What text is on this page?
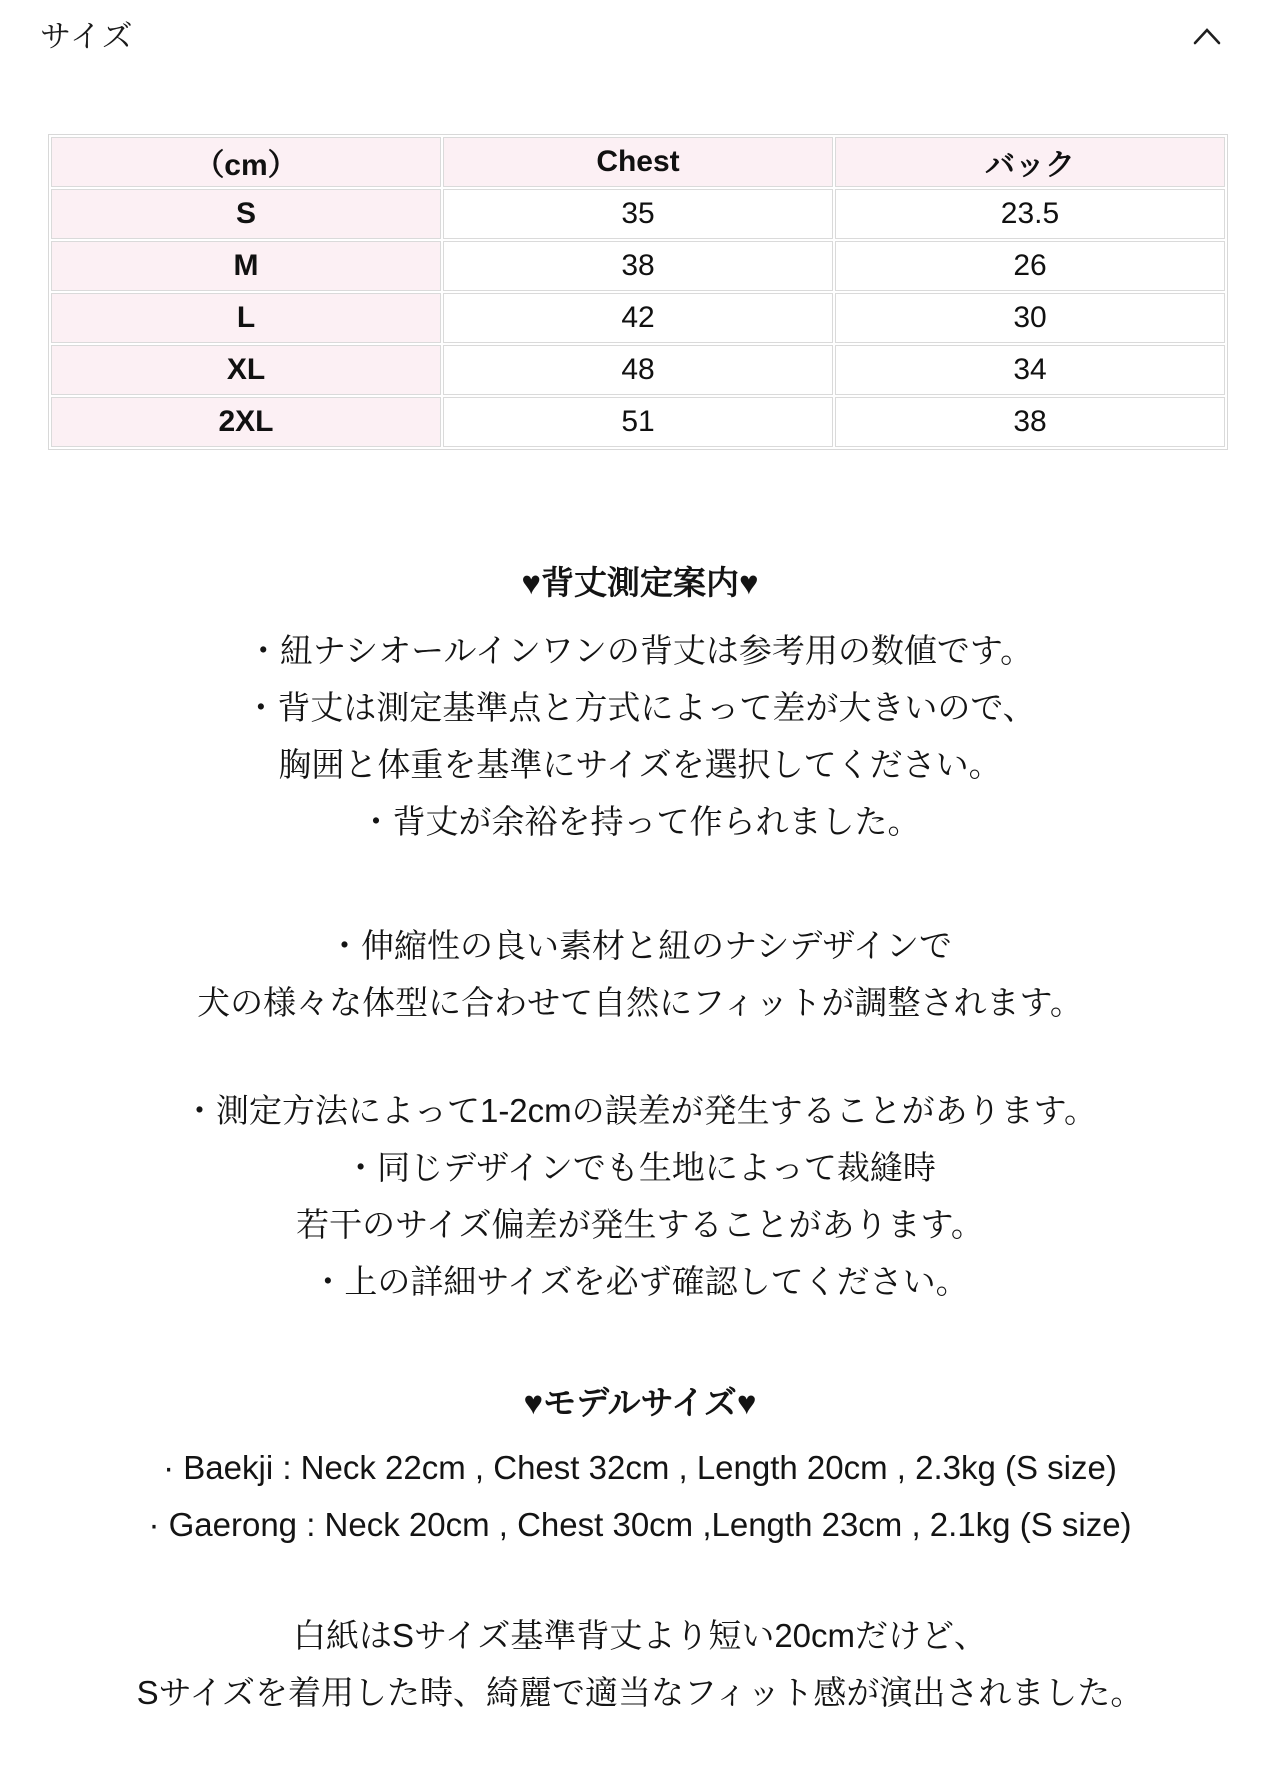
サイズ
（cm）	Chest	バック
S	35	23.5
M	38	26
L	42	30
XL	48	34
2XL	51	38
♥背丈測定案内♥
・紐ナシオールインワンの背丈は参考用の数値です。
・背丈は測定基準点と方式によって差が大きいので、
胸囲と体重を基準にサイズを選択してください。
・背丈が余裕を持って作られました。
・伸縮性の良い素材と紐のナシデザインで
犬の様々な体型に合わせて自然にフィットが調整されます。
・測定方法によって1-2cmの誤差が発生することがあります。
・同じデザインでも生地によって裁縫時
若干のサイズ偏差が発生することがあります。
・上の詳細サイズを必ず確認してください。
♥モデルサイズ♥
· Baekji : Neck 22cm , Chest 32cm , Length 20cm , 2.3kg (S size)
· Gaerong : Neck 20cm , Chest 30cm ,Length 23cm , 2.1kg (S size)
白紙はSサイズ基準背丈より短い20cmだけど、
Sサイズを着用した時、綺麗で適当なフィット感が演出されました。
